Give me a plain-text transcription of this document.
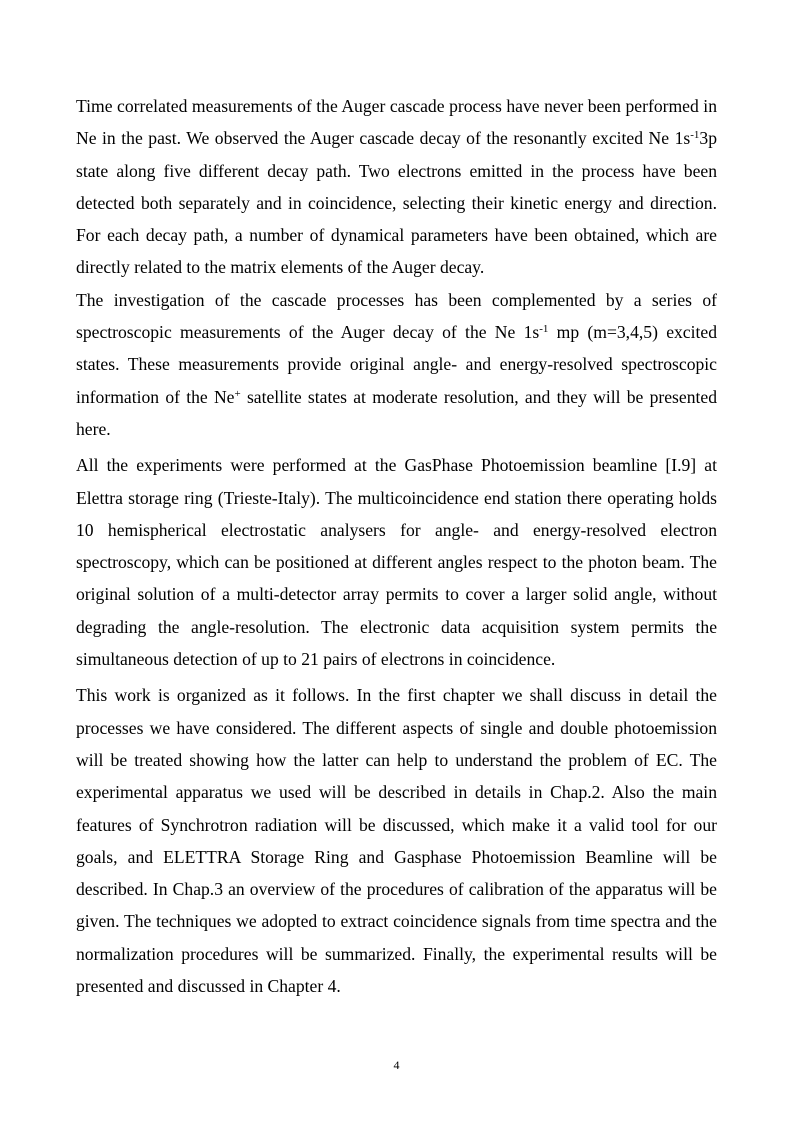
Time correlated measurements of the Auger cascade process have never been performed in Ne in the past. We observed the Auger cascade decay of the resonantly excited Ne $1s^{-1}3p$ state along five different decay path. Two electrons emitted in the process have been detected both separately and in coincidence, selecting their kinetic energy and direction. For each decay path, a number of dynamical parameters have been obtained, which are directly related to the matrix elements of the Auger decay.

The investigation of the cascade processes has been complemented by a series of spectroscopic measurements of the Auger decay of the Ne $1s^{-1}$ mp (m=3,4,5) excited states. These measurements provide original angle- and energy-resolved spectroscopic information of the Ne+ satellite states at moderate resolution, and they will be presented here.

All the experiments were performed at the GasPhase Photoemission beamline [I.9] at Elettra storage ring (Trieste-Italy). The multicoincidence end station there operating holds 10 hemispherical electrostatic analysers for angle- and energy-resolved electron spectroscopy, which can be positioned at different angles respect to the photon beam. The original solution of a multi-detector array permits to cover a larger solid angle, without degrading the angle-resolution. The electronic data acquisition system permits the simultaneous detection of up to 21 pairs of electrons in coincidence.

This work is organized as it follows. In the first chapter we shall discuss in detail the processes we have considered. The different aspects of single and double photoemission will be treated showing how the latter can help to understand the problem of EC. The experimental apparatus we used will be described in details in Chap.2. Also the main features of Synchrotron radiation will be discussed, which make it a valid tool for our goals, and ELETTRA Storage Ring and Gasphase Photoemission Beamline will be described. In Chap.3 an overview of the procedures of calibration of the apparatus will be given. The techniques we adopted to extract coincidence signals from time spectra and the normalization procedures will be summarized. Finally, the experimental results will be presented and discussed in Chapter 4.

4
